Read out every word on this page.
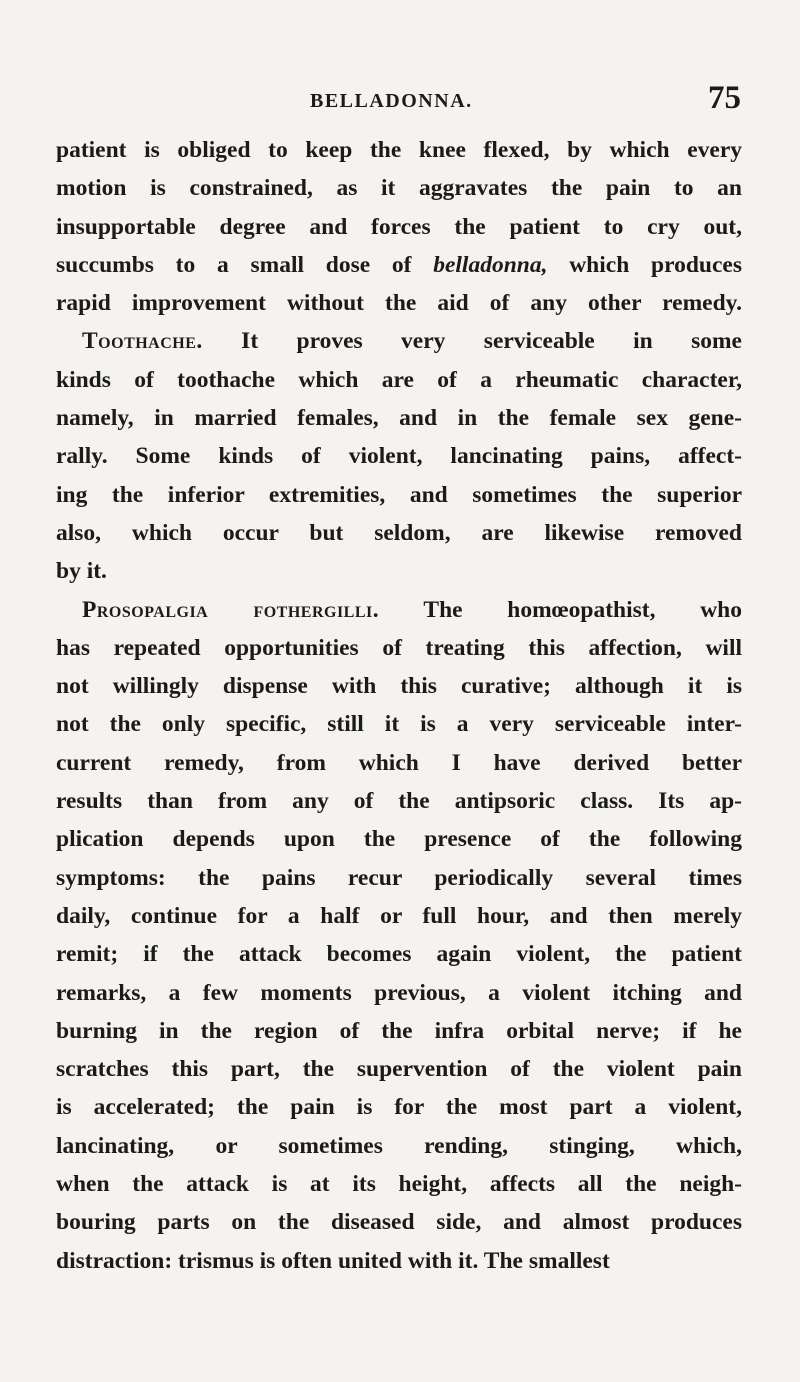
BELLADONNA.	75
patient is obliged to keep the knee flexed, by which every
motion is constrained, as it aggravates the pain to an
insupportable degree and forces the patient to cry out,
succumbs to a small dose of belladonna, which produces
rapid improvement without the aid of any other remedy.
Toothache. It proves very serviceable in some
kinds of toothache which are of a rheumatic character,
namely, in married females, and in the female sex gene-
rally. Some kinds of violent, lancinating pains, affect-
ing the inferior extremities, and sometimes the superior
also, which occur but seldom, are likewise removed
by it.
Prosopalgia fothergilli. The homœopathist, who
has repeated opportunities of treating this affection, will
not willingly dispense with this curative; although it is
not the only specific, still it is a very serviceable inter-
current remedy, from which I have derived better
results than from any of the antipsoric class. Its ap-
plication depends upon the presence of the following
symptoms: the pains recur periodically several times
daily, continue for a half or full hour, and then merely
remit; if the attack becomes again violent, the patient
remarks, a few moments previous, a violent itching and
burning in the region of the infra orbital nerve; if he
scratches this part, the supervention of the violent pain
is accelerated; the pain is for the most part a violent,
lancinating, or sometimes rending, stinging, which,
when the attack is at its height, affects all the neigh-
bouring parts on the diseased side, and almost produces
distraction: trismus is often united with it. The smallest
